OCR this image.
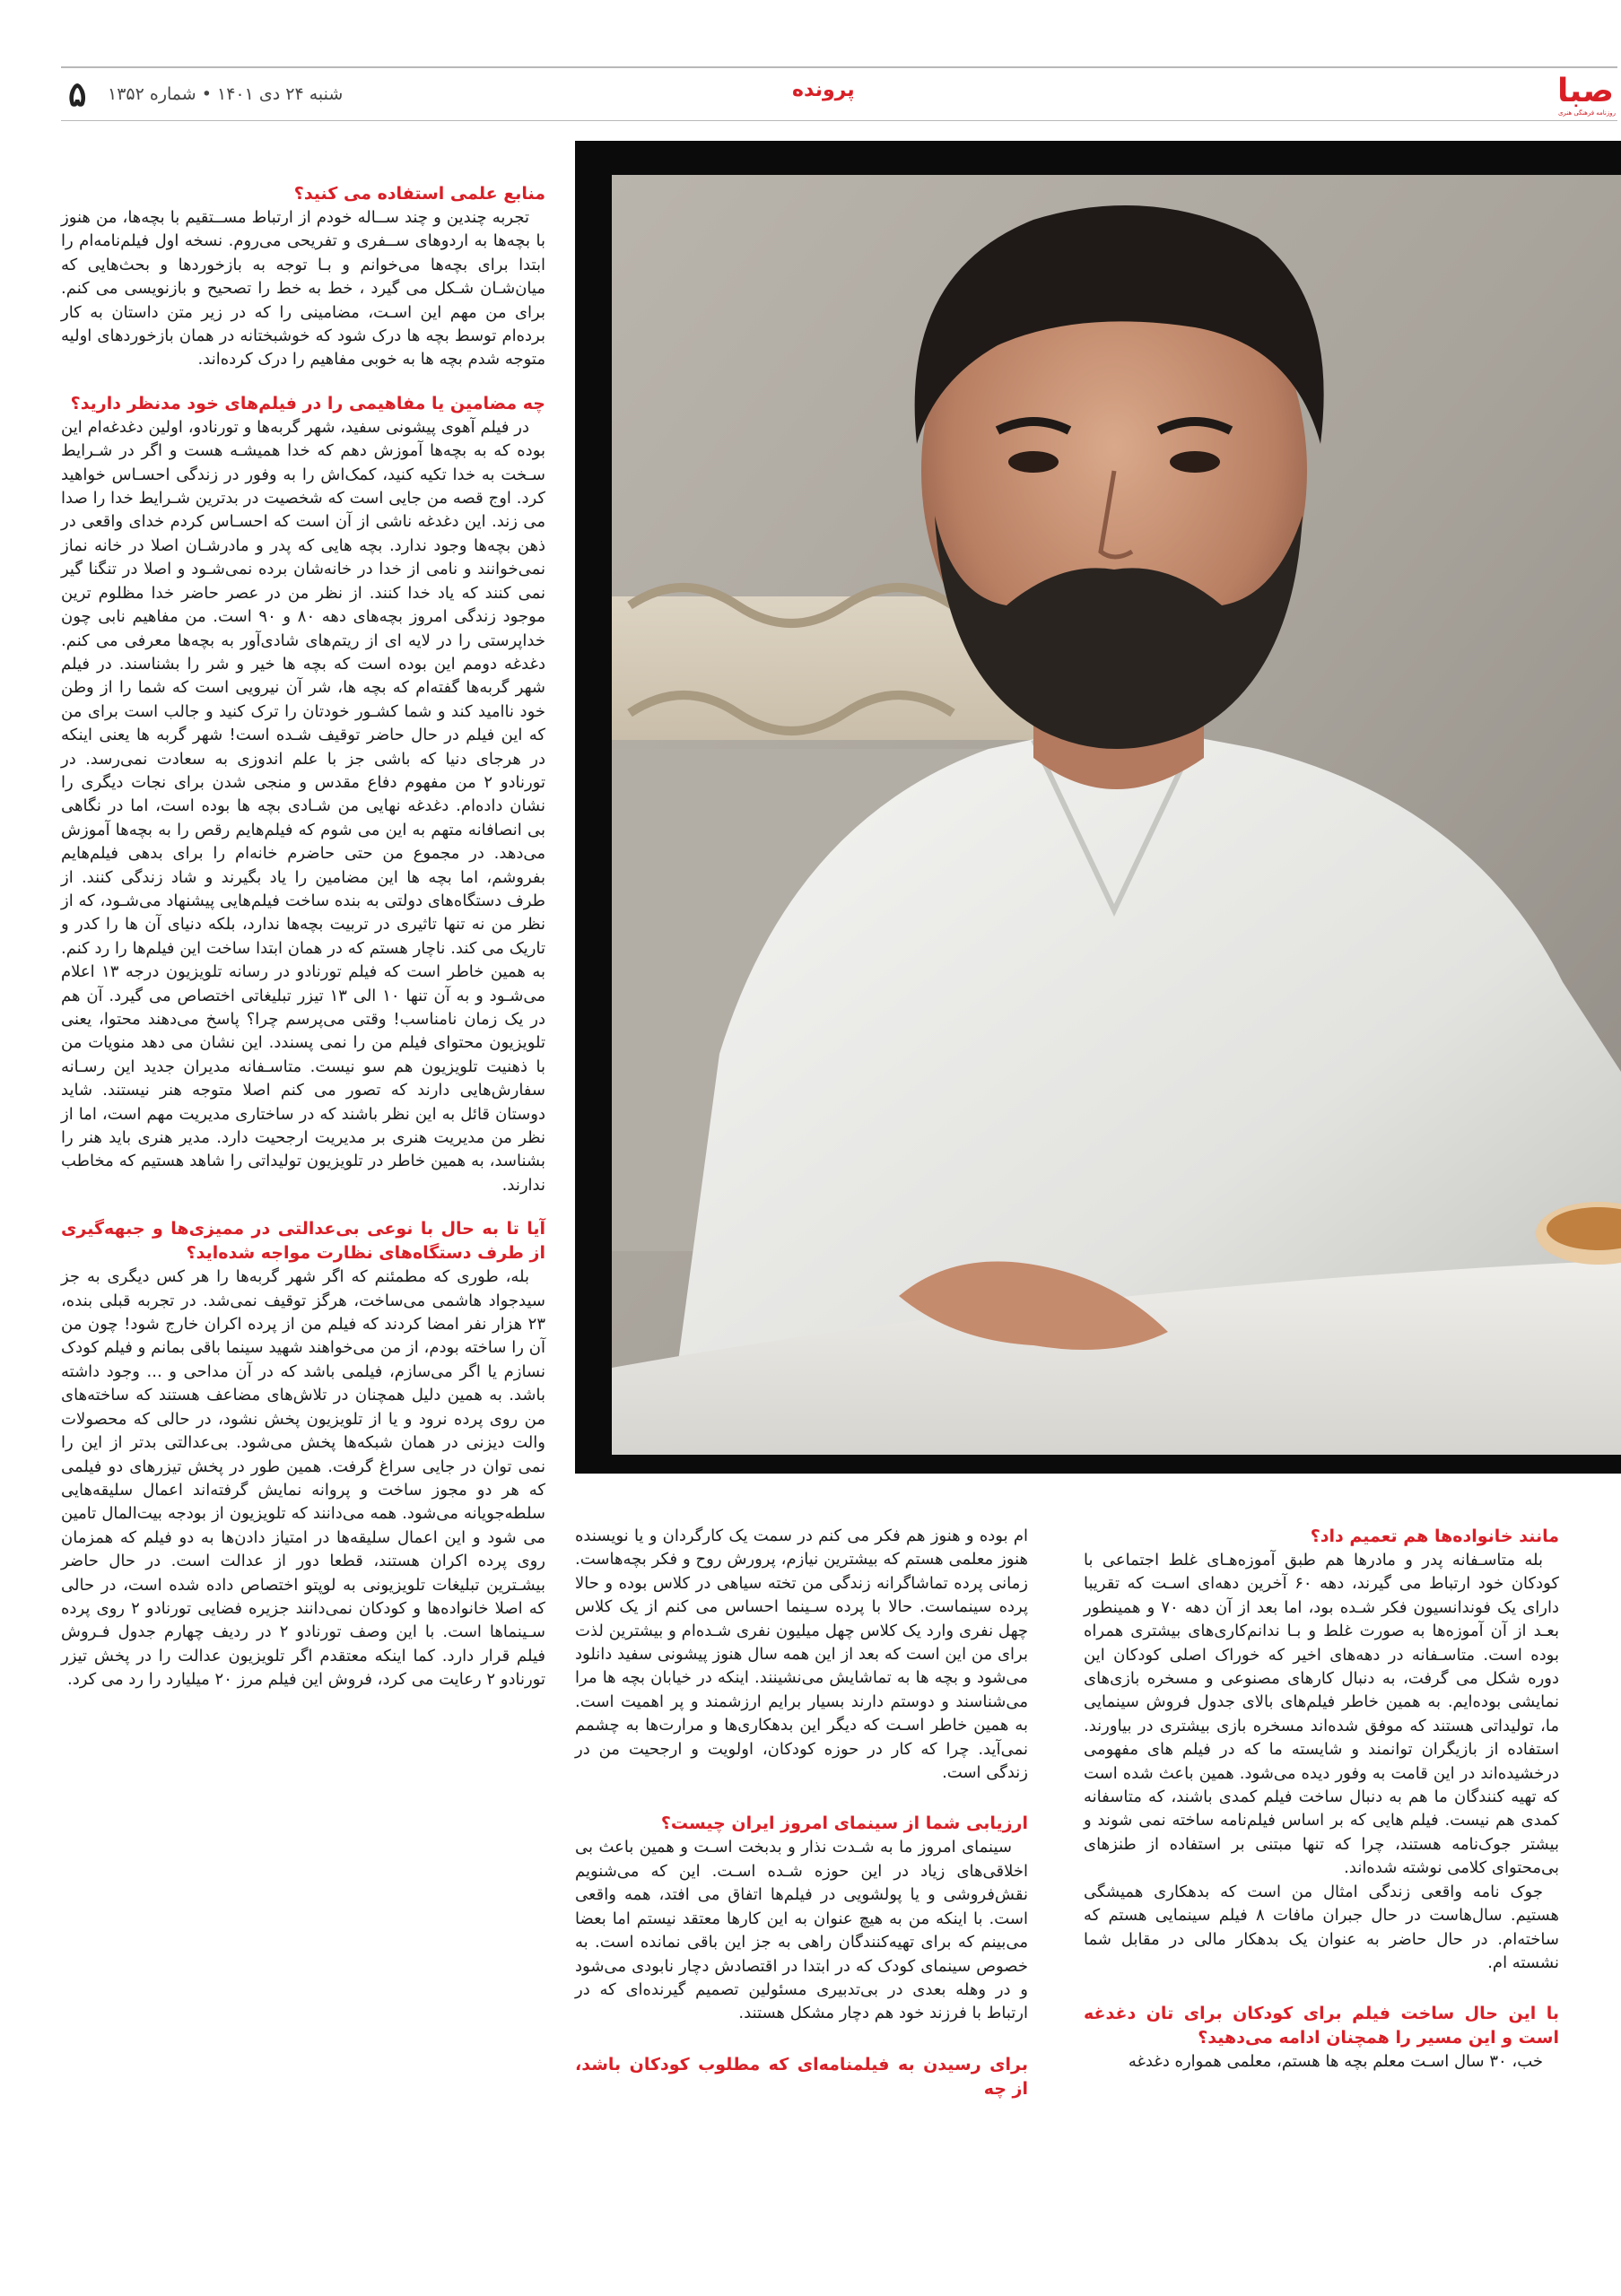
صبا
روزنامه فرهنگی هنری
پرونده
شنبه ۲۴ دی ۱۴۰۱ • شماره ۱۳۵۲
۵

منابع علمی استفاده می کنید؟

تجربه چندین و چند ســاله خودم از ارتباط مســتقیم با بچه‌ها، من هنوز با بچه‌ها به اردوهای ســفری و تفریحی می‌روم. نسخه اول فیلم‌نامه‌ام را ابتدا برای بچه‌ها می‌خوانم و بـا توجه به بازخوردها و بحث‌هایی که میان‌شـان شـکل می گیرد ، خط به خط را تصحیح و بازنویسی می کنم. برای من مهم این اسـت، مضامینی را که در زیر متن داستان به کار برده‌ام توسط بچه ها درک شود که خوشبختانه در همان بازخوردهای اولیه متوجه شدم بچه ها به خوبی مفاهیم را درک کرده‌اند.

چه مضامین یا مفاهیمی را در فیلم‌های خود مدنظر دارید؟

در فیلم آهوی پیشونی سفید، شهر گربه‌ها و تورنادو، اولین دغدغه‌ام این بوده که به بچه‌ها آموزش دهم که خدا همیشـه هست و اگر در شـرایط سـخت به خدا تکیه کنید، کمک‌اش را به وفور در زندگی احسـاس خواهید کرد. اوج قصه من جایی است که شخصیت در بدترین شـرایط خدا را صدا می زند. این دغدغه ناشی از آن است که احسـاس کردم خدای واقعی در ذهن بچه‌ها وجود ندارد. بچه هایی که پدر و مادرشـان اصلا در خانه نماز نمی‌خوانند و نامی از خدا در خانه‌شان برده نمی‌شـود و اصلا در تنگنا گیر نمی کنند که یاد خدا کنند. از نظر من در عصر حاضر خدا مظلوم ترین موجود زندگی امروز بچه‌های دهه ۸۰ و ۹۰ است. من مفاهیم نابی چون خداپرستی را در لایه ای از ریتم‌های شادی‌آور به بچه‌ها معرفی می کنم. دغدغه دومم این بوده است که بچه ها خیر و شر را بشناسند. در فیلم شهر گربه‌ها گفته‌ام که بچه ها، شر آن نیرویی است که شما را از وطن خود ناامید کند و شما کشـور خودتان را ترک کنید و جالب است برای من که این فیلم در حال حاضر توقیف شـده است! شهر گربه ها یعنی اینکه در هرجای دنیا که باشی جز با علم اندوزی به سعادت نمی‌رسد. در تورنادو ۲ من مفهوم دفاع مقدس و منجی شدن برای نجات دیگری را نشان داده‌ام. دغدغه نهایی من شـادی بچه ها بوده است، اما در نگاهی بی انصافانه متهم به این می شوم که فیلم‌هایم رقص را به بچه‌ها آموزش می‌دهد. در مجموع من حتی حاضرم خانه‌ام را برای بدهی فیلم‌هایم بفروشم، اما بچه ها این مضامین را یاد بگیرند و شاد زندگی کنند. از طرف دستگاه‌های دولتی به بنده ساخت فیلم‌هایی پیشنهاد می‌شـود، که از نظر من نه تنها تاثیری در تربیت بچه‌ها ندارد، بلکه دنیای آن ها را کدر و تاریک می کند. ناچار هستم که در همان ابتدا ساخت این فیلم‌ها را رد کنم. به همین خاطر است که فیلم تورنادو در رسانه تلویزیون درجه ۱۳ اعلام می‌شـود و به آن تنها ۱۰ الی ۱۳ تیزر تبلیغاتی اختصاص می گیرد. آن هم در یک زمان نامناسب! وقتی می‌پرسم چرا؟ پاسخ می‌دهند محتوا، یعنی تلویزیون محتوای فیلم من را نمی پسندد. این نشان می دهد منویات من با ذهنیت تلویزیون هم سو نیست. متاسـفانه مدیران جدید این رسـانه سفارش‌هایی دارند که تصور می کنم اصلا متوجه هنر نیستند. شاید دوستان قائل به این نظر باشند که در ساختاری مدیریت مهم است، اما از نظر من مدیریت هنری بر مدیریت ارجحیت دارد. مدیر هنری باید هنر را بشناسد، به همین خاطر در تلویزیون تولیداتی را شاهد هستیم که مخاطب ندارند.

آیا تا به حال با نوعی بی‌عدالتی در ممیزی‌ها و جبهه‌گیری از طرف دستگاه‌های نظارت مواجه شده‌اید؟

بله، طوری که مطمئنم که اگر شهر گربه‌ها را هر کس دیگری به جز سیدجواد هاشمی می‌ساخت، هرگز توقیف نمی‌شد. در تجربه قبلی بنده، ۲۳ هزار نفر امضا کردند که فیلم من از پرده اکران خارج شود! چون من آن را ساخته بودم، از من می‌خواهند شهید سینما باقی بمانم و فیلم کودک نسازم یا اگر می‌سازم، فیلمی باشد که در آن مداحی و ... وجود داشته باشد. به همین دلیل همچنان در تلاش‌های مضاعف هستند که ساخته‌های من روی پرده نرود و یا از تلویزیون پخش نشود، در حالی که محصولات والت دیزنی در همان شبکه‌ها پخش می‌شود. بی‌عدالتی بدتر از این را نمی توان در جایی سراغ گرفت. همین طور در پخش تیزرهای دو فیلمی که هر دو مجوز ساخت و پروانه نمایش گرفته‌اند اعمال سلیقه‌هایی سلطه‌جویانه می‌شود. همه می‌دانند که تلویزیون از بودجه بیت‌المال تامین می شود و این اعمال سلیقه‌ها در امتیاز دادن‌ها به دو فیلم که همزمان روی پرده اکران هستند، قطعا دور از عدالت است. در حال حاضر بیشـترین تبلیغات تلویزیونی به لوپتو اختصاص داده شده است، در حالی که اصلا خانواده‌ها و کودکان نمی‌دانند جزیره فضایی تورنادو ۲ روی پرده سـینماها است. با این وصف تورنادو ۲ در ردیف چهارم جدول فـروش فیلم قرار دارد. کما اینکه معتقدم اگر تلویزیون عدالت را در پخش تیزر تورنادو ۲ رعایت می کرد، فروش این فیلم مرز ۲۰ میلیارد را رد می کرد.

ام بوده و هنوز هم فکر می کنم در سمت یک کارگردان و یا نویسنده هنوز معلمی هستم که بیشترین نیازم، پرورش روح و فکر بچه‌هاست. زمانی پرده تماشاگرانه زندگی من تخته سیاهی در کلاس بوده و حالا پرده سینماست. حالا با پرده سـینما احساس می کنم از یک کلاس چهل نفری وارد یک کلاس چهل میلیون نفری شـده‌ام و بیشترین لذت برای من این است که بعد از این همه سال هنوز پیشونی سفید دانلود می‌شود و بچه ها به تماشایش می‌نشینند. اینکه در خیابان بچه ها مرا می‌شناسند و دوستم دارند بسیار برایم ارزشمند و پر اهمیت است. به همین خاطر اسـت که دیگر این بدهکاری‌ها و مرارت‌ها به چشمم نمی‌آید. چرا که کار در حوزه کودکان، اولویت و ارجحیت من در زندگی است.

ارزیابی شما از سینمای امروز ایران چیست؟

سینمای امروز ما به شـدت نذار و بدبخت اسـت و همین باعث بی اخلاقی‌های زیاد در این حوزه شـده اسـت. این که می‌شنویم نقش‌فروشی و یا پولشویی در فیلم‌ها اتفاق می افتد، همه واقعی است. با اینکه من به هیچ عنوان به این کارها معتقد نیستم اما بعضا می‌بینم که برای تهیه‌کنندگان راهی به جز این باقی نمانده است. به خصوص سینمای کودک که در ابتدا در اقتصادش دچار نابودی می‌شود و در وهله بعدی در بی‌تدبیری مسئولین تصمیم گیرنده‌ای که در ارتباط با فرزند خود هم دچار مشکل هستند.

برای رسیدن به فیلمنامه‌ای که مطلوب کودکان باشد، از چه

مانند خانواده‌ها هم تعمیم داد؟

بله متاسـفانه پدر و مادرها هم طبق آموزه‌هـای غلط اجتماعی با کودکان خود ارتباط می گیرند، دهه ۶۰ آخرین دهه‌ای اسـت که تقریبا دارای یک فوندانسیون فکر شـده بود، اما بعد از آن دهه ۷۰ و همینطور بعـد از آن آموزه‌ها به صورت غلط و بـا ندانم‌کاری‌های بیشتری همراه بوده است. متاسـفانه در دهه‌های اخیر که خوراک اصلی کودکان این دوره شکل می گرفت، به دنبال کارهای مصنوعی و مسخره بازی‌های نمایشی بوده‌ایم. به همین خاطر فیلم‌های بالای جدول فروش سینمایی ما، تولیداتی هستند که موفق شده‌اند مسخره بازی بیشتری در بیاورند. استفاده از بازیگران توانمند و شایسته ما که در فیلم های مفهومی درخشیده‌اند در این قامت به وفور دیده می‌شود. همین باعث شده است که تهیه کنندگان ما هم به دنبال ساخت فیلم کمدی باشند، که متاسفانه کمدی هم نیست. فیلم هایی که بر اساس فیلم‌نامه ساخته نمی شوند و بیشتر جوک‌نامه هستند، چرا که تنها مبتنی بر استفاده از طنزهای بی‌محتوای کلامی نوشته شده‌اند.

جوک نامه واقعی زندگی امثال من است که بدهکاری همیشگی هستیم. سال‌هاست در حال جبران مافات ۸ فیلم سینمایی هستم که ساخته‌ام. در حال حاضر به عنوان یک بدهکار مالی در مقابل شما نشسته ام.

با این حال ساخت فیلم برای کودکان برای تان دغدغه است و این مسیر را همچنان ادامه می‌دهید؟

خب، ۳۰ سال اسـت معلم بچه ها هستم، معلمی همواره دغدغه
